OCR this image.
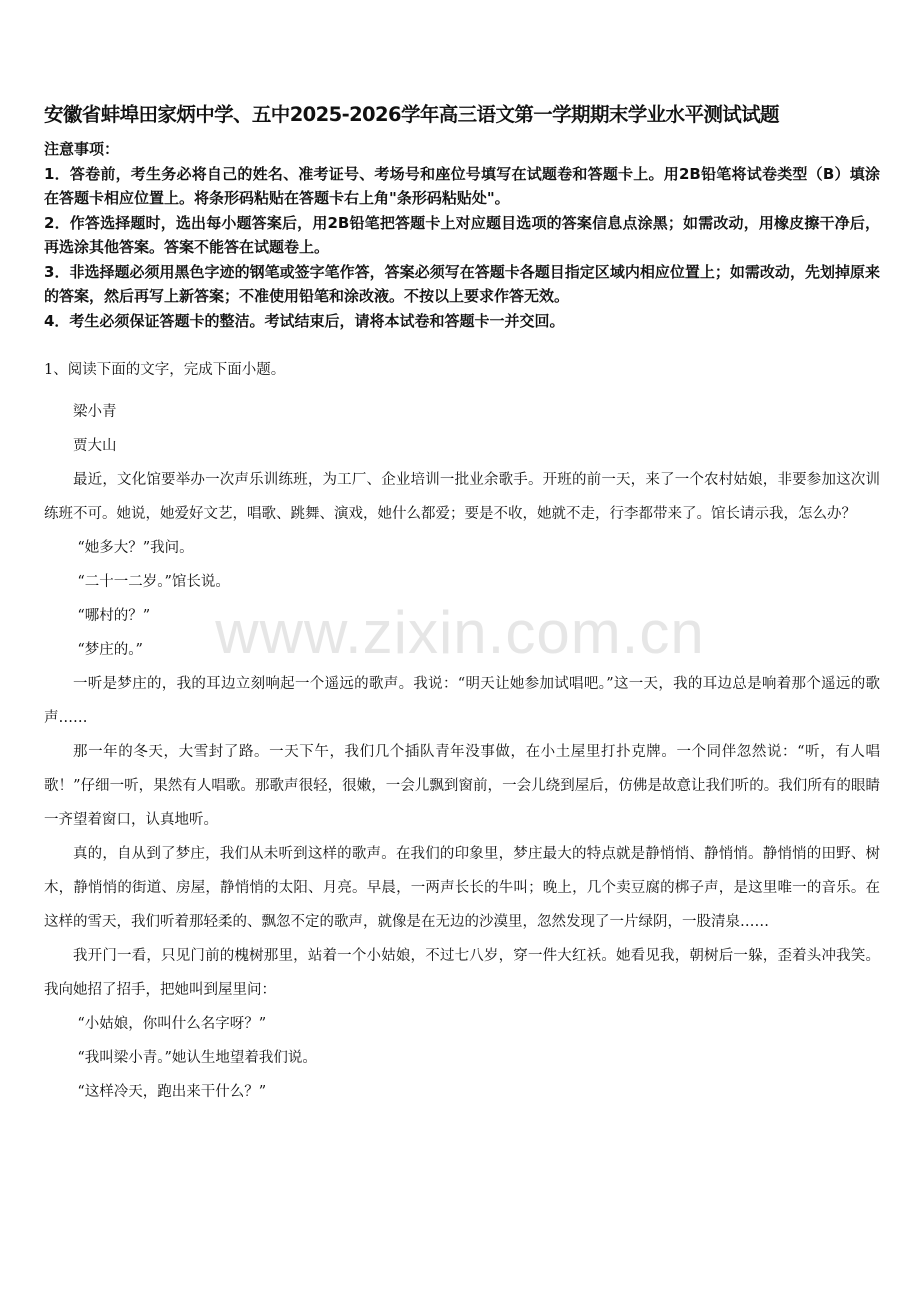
www.zixin.com.cn
安徽省蚌埠田家炳中学、五中2025-2026学年高三语文第一学期期末学业水平测试试题

注意事项：

1．答卷前，考生务必将自己的姓名、准考证号、考场号和座位号填写在试题卷和答题卡上。用2B铅笔将试卷类型（B）填涂在答题卡相应位置上。将条形码粘贴在答题卡右上角"条形码粘贴处"。

2．作答选择题时，选出每小题答案后，用2B铅笔把答题卡上对应题目选项的答案信息点涂黑；如需改动，用橡皮擦干净后，再选涂其他答案。答案不能答在试题卷上。

3．非选择题必须用黑色字迹的钢笔或签字笔作答，答案必须写在答题卡各题目指定区域内相应位置上；如需改动，先划掉原来的答案，然后再写上新答案；不准使用铅笔和涂改液。不按以上要求作答无效。

4．考生必须保证答题卡的整洁。考试结束后，请将本试卷和答题卡一并交回。

1、阅读下面的文字，完成下面小题。

梁小青

贾大山

最近，文化馆要举办一次声乐训练班，为工厂、企业培训一批业余歌手。开班的前一天，来了一个农村姑娘，非要参加这次训练班不可。她说，她爱好文艺，唱歌、跳舞、演戏，她什么都爱；要是不收，她就不走，行李都带来了。馆长请示我，怎么办？

“她多大？”我问。

“二十一二岁。”馆长说。

“哪村的？”

“梦庄的。”

一听是梦庄的，我的耳边立刻响起一个遥远的歌声。我说：“明天让她参加试唱吧。”这一天，我的耳边总是响着那个遥远的歌声……

那一年的冬天，大雪封了路。一天下午，我们几个插队青年没事做，在小土屋里打扑克牌。一个同伴忽然说：“听，有人唱歌！”仔细一听，果然有人唱歌。那歌声很轻，很嫩，一会儿飘到窗前，一会儿绕到屋后，仿佛是故意让我们听的。我们所有的眼睛一齐望着窗口，认真地听。

真的，自从到了梦庄，我们从未听到这样的歌声。在我们的印象里，梦庄最大的特点就是静悄悄、静悄悄。静悄悄的田野、树木，静悄悄的街道、房屋，静悄悄的太阳、月亮。早晨，一两声长长的牛叫；晚上，几个卖豆腐的梆子声，是这里唯一的音乐。在这样的雪天，我们听着那轻柔的、飘忽不定的歌声，就像是在无边的沙漠里，忽然发现了一片绿阴，一股清泉……

我开门一看，只见门前的槐树那里，站着一个小姑娘，不过七八岁，穿一件大红袄。她看见我，朝树后一躲，歪着头冲我笑。我向她招了招手，把她叫到屋里问：

“小姑娘，你叫什么名字呀？”

“我叫梁小青。”她认生地望着我们说。

“这样冷天，跑出来干什么？”
